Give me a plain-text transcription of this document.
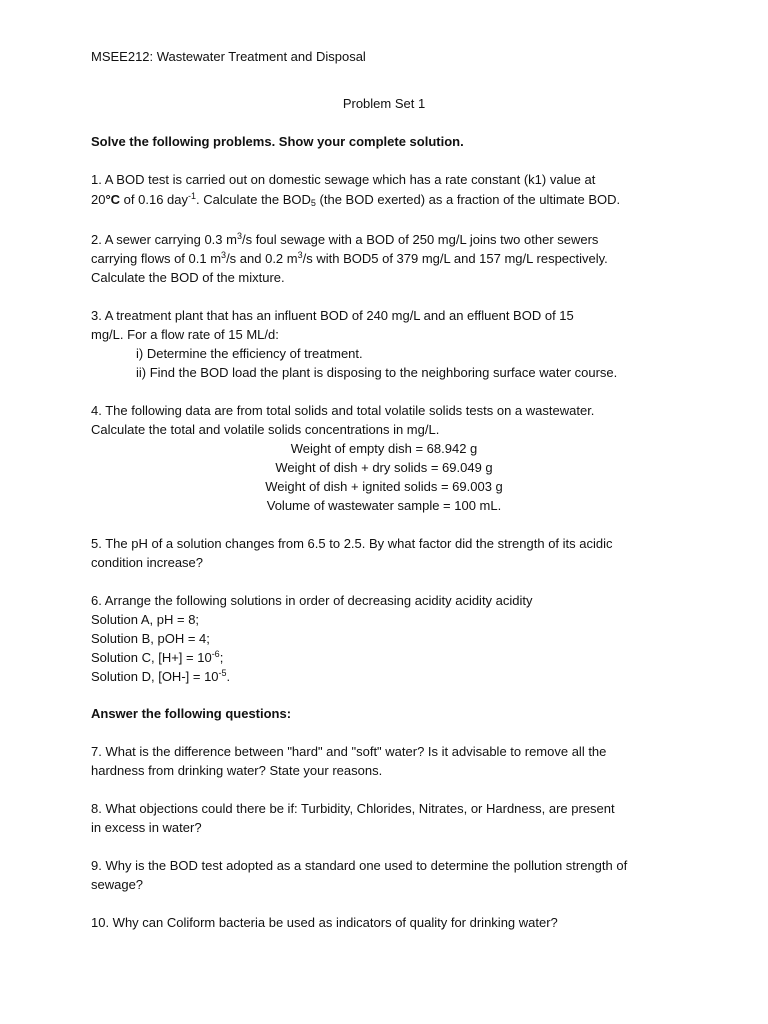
MSEE212: Wastewater Treatment and Disposal
Problem Set 1
Solve the following problems. Show your complete solution.
1. A BOD test is carried out on domestic sewage which has a rate constant (k1) value at
20°C of 0.16 day$^{-1}$. Calculate the $BOD_5$ (the BOD exerted) as a fraction of the ultimate BOD.
2. A sewer carrying 0.3 $m^3/s$ foul sewage with a BOD of 250 mg/L joins two other sewers
carrying flows of 0.1 $m^3/s$ and 0.2 $m^3/s$ with BOD5 of 379 mg/L and 157 mg/L respectively.
Calculate the BOD of the mixture.
3. A treatment plant that has an influent BOD of 240 mg/L and an effluent BOD of 15
mg/L. For a flow rate of 15 ML/d:
i) Determine the efficiency of treatment.
ii) Find the BOD load the plant is disposing to the neighboring surface water course.
4. The following data are from total solids and total volatile solids tests on a wastewater.
Calculate the total and volatile solids concentrations in mg/L.
Weight of empty dish = 68.942 g
Weight of dish + dry solids = 69.049 g
Weight of dish + ignited solids = 69.003 g
Volume of wastewater sample = 100 mL.
5. The pH of a solution changes from 6.5 to 2.5. By what factor did the strength of its acidic
condition increase?
6. Arrange the following solutions in order of decreasing acidity acidity acidity
Solution A, pH = 8;
Solution B, pOH = 4;
Solution C, $[H+] = 10^{-6}$;
Solution D, $[OH-] = 10^{-5}$.
Answer the following questions:
7. What is the difference between "hard" and "soft" water? Is it advisable to remove all the
hardness from drinking water? State your reasons.
8. What objections could there be if: Turbidity, Chlorides, Nitrates, or Hardness, are present
in excess in water?
9. Why is the BOD test adopted as a standard one used to determine the pollution strength of
sewage?
10. Why can Coliform bacteria be used as indicators of quality for drinking water?
